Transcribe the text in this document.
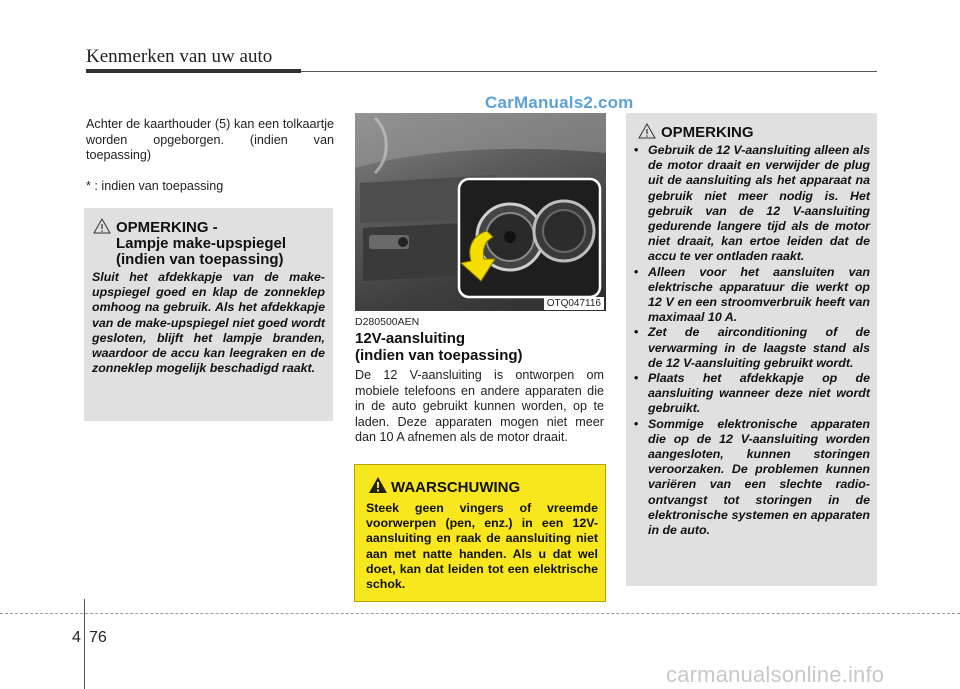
Kenmerken van uw auto
CarManuals2.com
Achter de kaarthouder (5) kan een tolkaartje worden opgeborgen. (indien van toepassing)
* : indien van toepassing
OPMERKING -
Lampje make-upspiegel
(indien van toepassing)
Sluit het afdekkapje van de make-upspiegel goed en klap de zonneklep omhoog na gebruik. Als het afdekkapje van de make-upspiegel niet goed wordt gesloten, blijft het lampje branden, waardoor de accu kan leegraken en de zonneklep mogelijk beschadigd raakt.
OTQ047116
D280500AEN
12V-aansluiting
(indien van toepassing)
De 12 V-aansluiting is ontworpen om mobiele telefoons en andere apparaten die in de auto gebruikt kunnen worden, op te laden. Deze apparaten mogen niet meer dan 10 A afnemen als de motor draait.
WAARSCHUWING
Steek geen vingers of vreemde voorwerpen (pen, enz.) in een 12V-aansluiting en raak de aansluiting niet aan met natte handen. Als u dat wel doet, kan dat leiden tot een elektrische schok.
OPMERKING
• Gebruik de 12 V-aansluiting alleen als de motor draait en verwijder de plug uit de aansluiting als het apparaat na gebruik niet meer nodig is. Het gebruik van de 12 V-aansluiting gedurende langere tijd als de motor niet draait, kan ertoe leiden dat de accu te ver ontladen raakt.
• Alleen voor het aansluiten van elektrische apparatuur die werkt op 12 V en een stroomverbruik heeft van maximaal 10 A.
• Zet de airconditioning of de verwarming in de laagste stand als de 12 V-aansluiting gebruikt wordt.
• Plaats het afdekkapje op de aansluiting wanneer deze niet wordt gebruikt.
• Sommige elektronische apparaten die op de 12 V-aansluiting worden aangesloten, kunnen storingen veroorzaken. De problemen kunnen variëren van een slechte radio-ontvangst tot storingen in de elektronische systemen en apparaten in de auto.
4 76
carmanualsonline.info
